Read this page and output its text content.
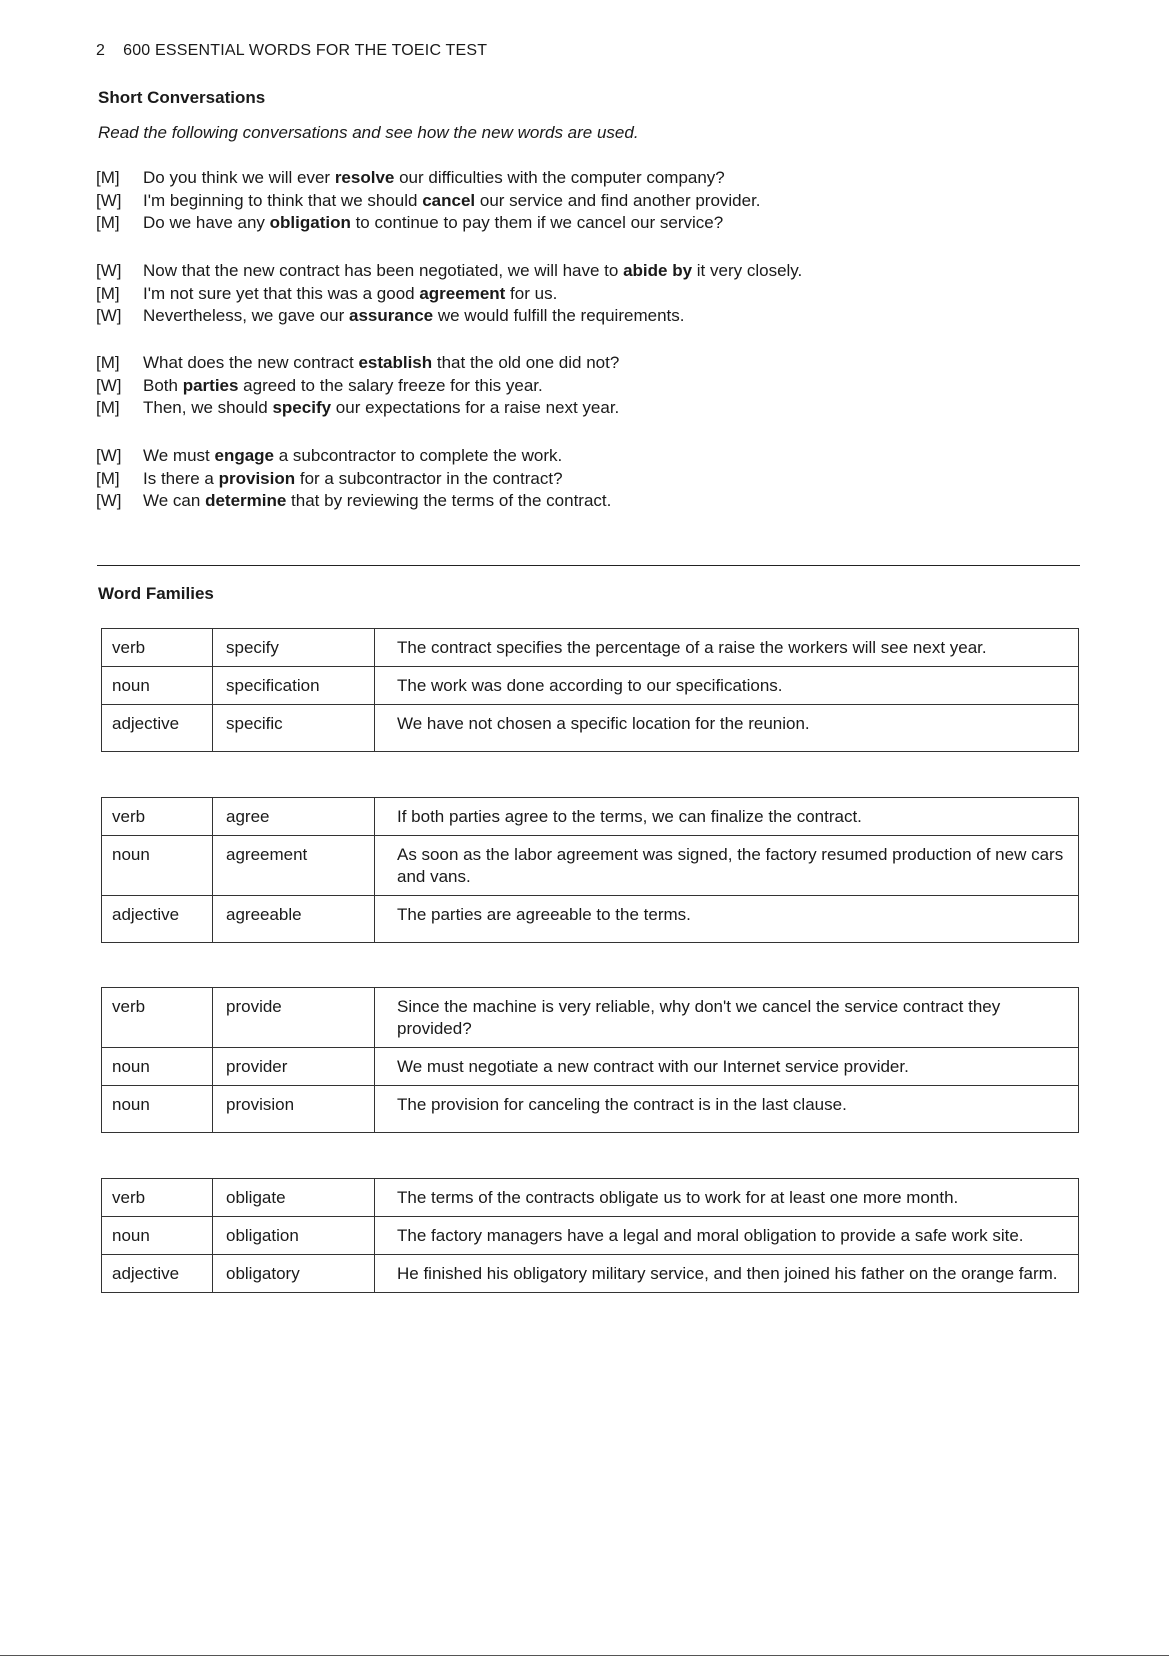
2 600 ESSENTIAL WORDS FOR THE TOEIC TEST
Short Conversations
Read the following conversations and see how the new words are used.
[M] Do you think we will ever resolve our difficulties with the computer company?
[W] I'm beginning to think that we should cancel our service and find another provider.
[M] Do we have any obligation to continue to pay them if we cancel our service?
[W] Now that the new contract has been negotiated, we will have to abide by it very closely.
[M] I'm not sure yet that this was a good agreement for us.
[W] Nevertheless, we gave our assurance we would fulfill the requirements.
[M] What does the new contract establish that the old one did not?
[W] Both parties agreed to the salary freeze for this year.
[M] Then, we should specify our expectations for a raise next year.
[W] We must engage a subcontractor to complete the work.
[M] Is there a provision for a subcontractor in the contract?
[W] We can determine that by reviewing the terms of the contract.
Word Families
verb	specify	The contract specifies the percentage of a raise the workers will see next year.
noun	specification	The work was done according to our specifications.
adjective	specific	We have not chosen a specific location for the reunion.
verb	agree	If both parties agree to the terms, we can finalize the contract.
noun	agreement	As soon as the labor agreement was signed, the factory resumed production of new cars and vans.
adjective	agreeable	The parties are agreeable to the terms.
verb	provide	Since the machine is very reliable, why don't we cancel the service contract they provided?
noun	provider	We must negotiate a new contract with our Internet service provider.
noun	provision	The provision for canceling the contract is in the last clause.
verb	obligate	The terms of the contracts obligate us to work for at least one more month.
noun	obligation	The factory managers have a legal and moral obligation to provide a safe work site.
adjective	obligatory	He finished his obligatory military service, and then joined his father on the orange farm.
